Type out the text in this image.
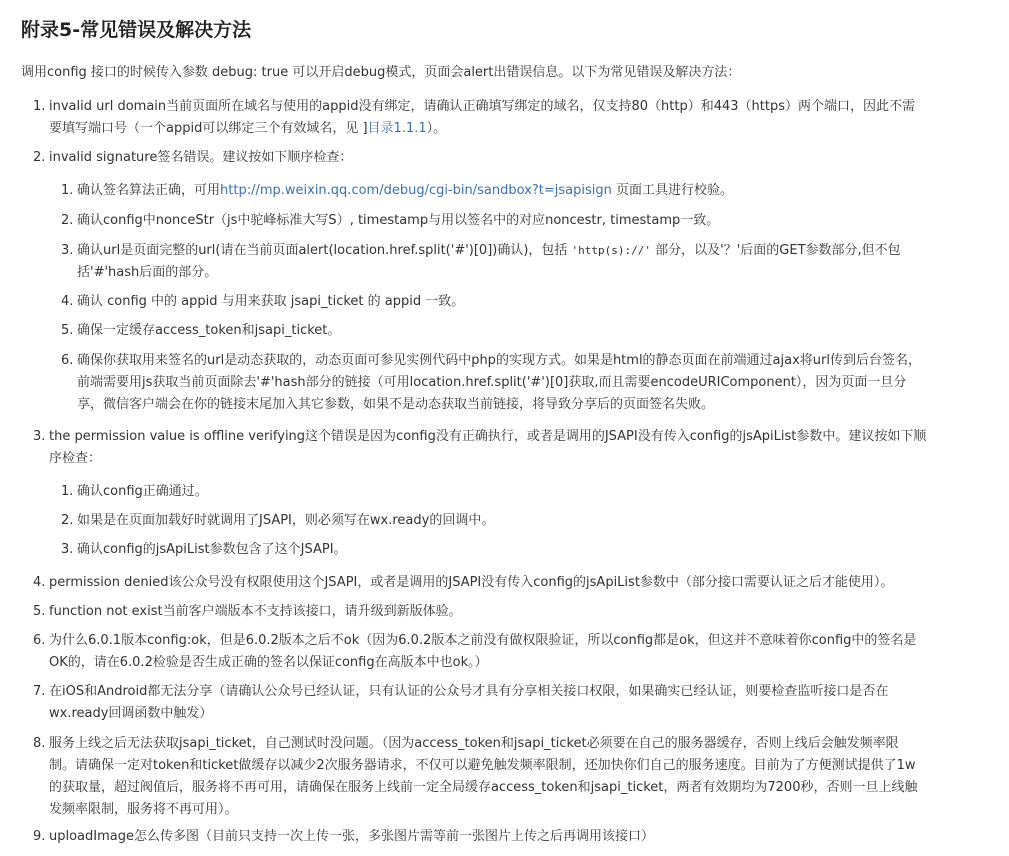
附录5-常见错误及解决方法

调用config 接口的时候传入参数 debug: true 可以开启debug模式，页面会alert出错误信息。以下为常见错误及解决方法：

1. invalid url domain当前页面所在域名与使用的appid没有绑定，请确认正确填写绑定的域名，仅支持80（http）和443（https）两个端口，因此不需
要填写端口号（一个appid可以绑定三个有效域名，见 ]目录1.1.1）。
2. invalid signature签名错误。建议按如下顺序检查：
1. 确认签名算法正确，可用http://mp.weixin.qq.com/debug/cgi-bin/sandbox?t=jsapisign 页面工具进行校验。
2. 确认config中nonceStr（js中驼峰标准大写S）, timestamp与用以签名中的对应noncestr, timestamp一致。
3. 确认url是页面完整的url(请在当前页面alert(location.href.split('#')[0])确认)，包括 'http(s)://' 部分，以及'？'后面的GET参数部分,但不包
括'#'hash后面的部分。
4. 确认 config 中的 appid 与用来获取 jsapi_ticket 的 appid 一致。
5. 确保一定缓存access_token和jsapi_ticket。
6. 确保你获取用来签名的url是动态获取的，动态页面可参见实例代码中php的实现方式。如果是html的静态页面在前端通过ajax将url传到后台签名，
前端需要用js获取当前页面除去'#'hash部分的链接（可用location.href.split('#')[0]获取,而且需要encodeURIComponent），因为页面一旦分
享，微信客户端会在你的链接末尾加入其它参数，如果不是动态获取当前链接，将导致分享后的页面签名失败。
3. the permission value is offline verifying这个错误是因为config没有正确执行，或者是调用的JSAPI没有传入config的jsApiList参数中。建议按如下顺
序检查：
1. 确认config正确通过。
2. 如果是在页面加载好时就调用了JSAPI，则必须写在wx.ready的回调中。
3. 确认config的jsApiList参数包含了这个JSAPI。
4. permission denied该公众号没有权限使用这个JSAPI，或者是调用的JSAPI没有传入config的jsApiList参数中（部分接口需要认证之后才能使用）。
5. function not exist当前客户端版本不支持该接口，请升级到新版体验。
6. 为什么6.0.1版本config:ok，但是6.0.2版本之后不ok（因为6.0.2版本之前没有做权限验证，所以config都是ok，但这并不意味着你config中的签名是
OK的，请在6.0.2检验是否生成正确的签名以保证config在高版本中也ok。）
7. 在iOS和Android都无法分享（请确认公众号已经认证，只有认证的公众号才具有分享相关接口权限，如果确实已经认证，则要检查监听接口是否在
wx.ready回调函数中触发）
8. 服务上线之后无法获取jsapi_ticket，自己测试时没问题。（因为access_token和jsapi_ticket必须要在自己的服务器缓存，否则上线后会触发频率限
制。请确保一定对token和ticket做缓存以减少2次服务器请求，不仅可以避免触发频率限制，还加快你们自己的服务速度。目前为了方便测试提供了1w
的获取量，超过阀值后，服务将不再可用，请确保在服务上线前一定全局缓存access_token和jsapi_ticket，两者有效期均为7200秒，否则一旦上线触
发频率限制，服务将不再可用）。
9. uploadImage怎么传多图（目前只支持一次上传一张，多张图片需等前一张图片上传之后再调用该接口）
